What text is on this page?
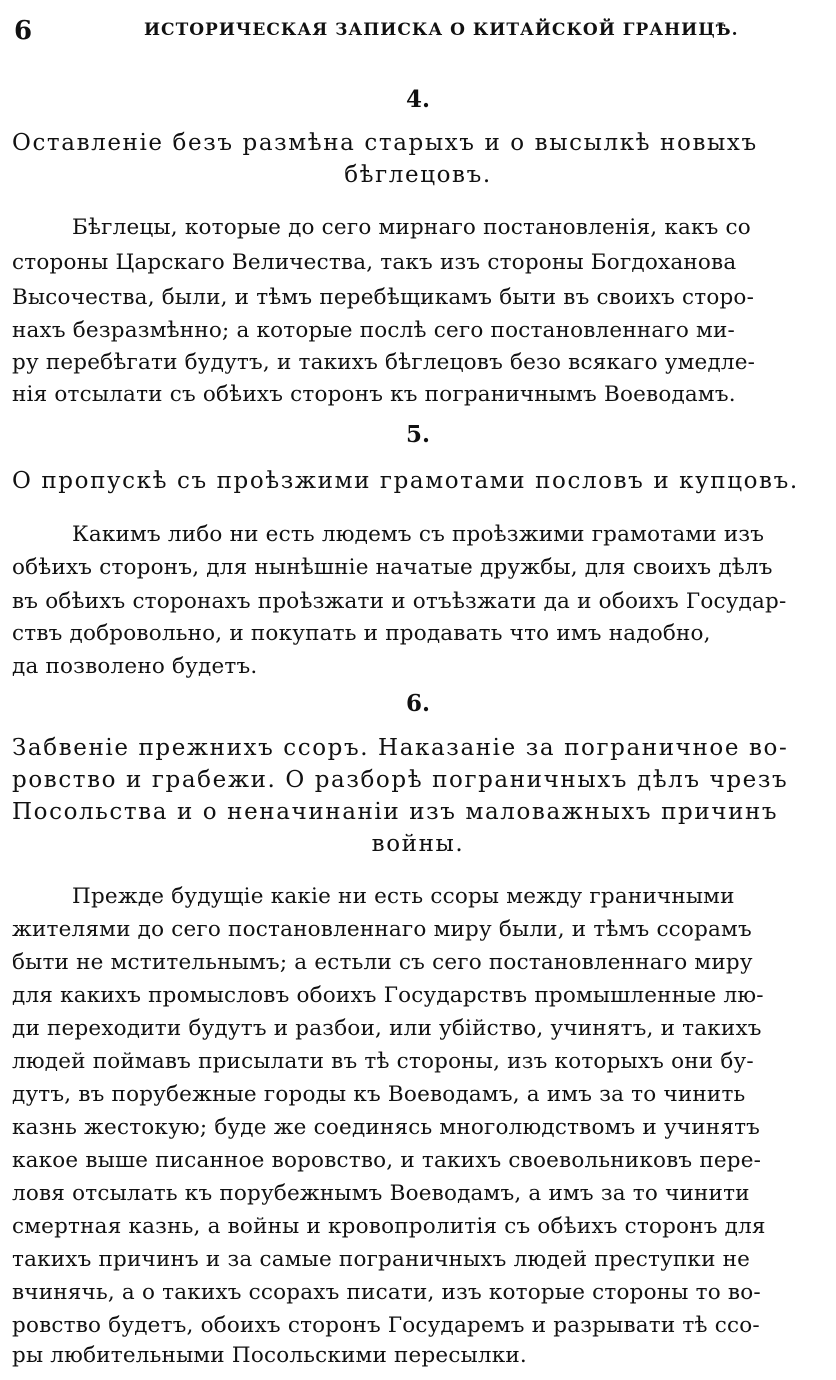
6	ИСТОРИЧЕСКАЯ ЗАПИСКА О КИТАЙСКОЙ ГРАНИЦѢ.
4.
Оставленіе безъ размѣна старыхъ и о высылкѣ новыхъ
бѣглецовъ.
Бѣглецы, которые до сего мирнаго постановленія, какъ со
стороны Царскаго Величества, такъ изъ стороны Богдоханова
Высочества, были, и тѣмъ перебѣщикамъ быти въ своихъ сторо-
нахъ безразмѣнно; а которые послѣ сего постановленнаго ми-
ру перебѣгати будутъ, и такихъ бѣглецовъ безо всякаго умедле-
нія отсылати съ обѣихъ сторонъ къ пограничнымъ Воеводамъ.
5.
О пропускѣ съ проѣзжими грамотами пословъ и купцовъ.
Какимъ либо ни есть людемъ съ проѣзжими грамотами изъ
обѣихъ сторонъ, для нынѣшніе начатые дружбы, для своихъ дѣлъ
въ обѣихъ сторонахъ проѣзжати и отъѣзжати да и обоихъ Государ-
ствъ добровольно, и покупать и продавать что имъ надобно,
да позволено будетъ.
6.
Забвеніе прежнихъ ссоръ. Наказаніе за пограничное во-
ровство и грабежи. О разборѣ пограничныхъ дѣлъ чрезъ
Посольства и о неначинаніи изъ маловажныхъ причинъ
войны.
Прежде будущіе какіе ни есть ссоры между граничными
жителями до сего постановленнаго миру были, и тѣмъ ссорамъ
быти не мстительнымъ; а естьли съ сего постановленнаго миру
для какихъ промысловъ обоихъ Государствъ промышленные лю-
ди переходити будутъ и разбои, или убійство, учинятъ, и такихъ
людей поймавъ присылати въ тѣ стороны, изъ которыхъ они бу-
дутъ, въ порубежные городы къ Воеводамъ, а имъ за то чинить
казнь жестокую; буде же соединясь многолюдствомъ и учинятъ
какое выше писанное воровство, и такихъ своевольниковъ пере-
ловя отсылать къ порубежнымъ Воеводамъ, а имъ за то чинити
смертная казнь, а войны и кровопролитія съ обѣихъ сторонъ для
такихъ причинъ и за самые пограничныхъ людей преступки не
вчинячь, а о такихъ ссорахъ писати, изъ которые стороны то во-
ровство будетъ, обоихъ сторонъ Государемъ и разрывати тѣ ссо-
ры любительными Посольскими пересылки.
